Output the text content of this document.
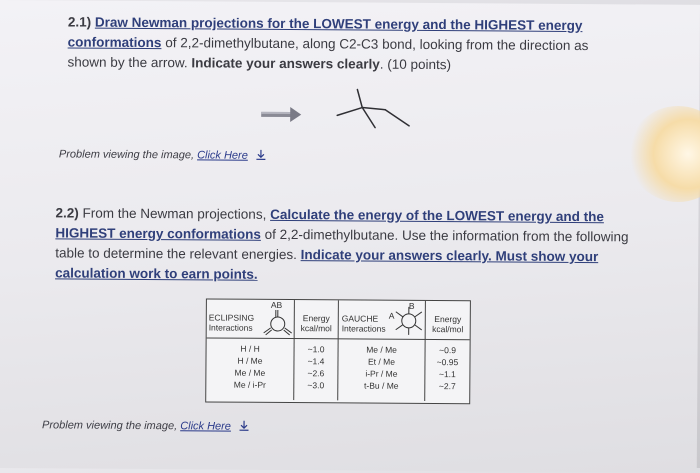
2.1) Draw Newman projections for the LOWEST energy and the HIGHEST energy conformations of 2,2-dimethylbutane, along C2-C3 bond, looking from the direction as shown by the arrow. Indicate your answers clearly. (10 points)
Problem viewing the image, Click Here
2.2) From the Newman projections, Calculate the energy of the LOWEST energy and the HIGHEST energy conformations of 2,2-dimethylbutane. Use the information from the following table to determine the relevant energies. Indicate your answers clearly. Must show your calculation work to earn points.
ECLIPSING
Interactions
AB
Energy
kcal/mol
GAUCHE
Interactions
A
B
Energy
kcal/mol
H / H
H / Me
Me / Me
Me / i-Pr
~1.0
~1.4
~2.6
~3.0
Me / Me
Et / Me
i-Pr / Me
t-Bu / Me
~0.9
~0.95
~1.1
~2.7
Problem viewing the image, Click Here
